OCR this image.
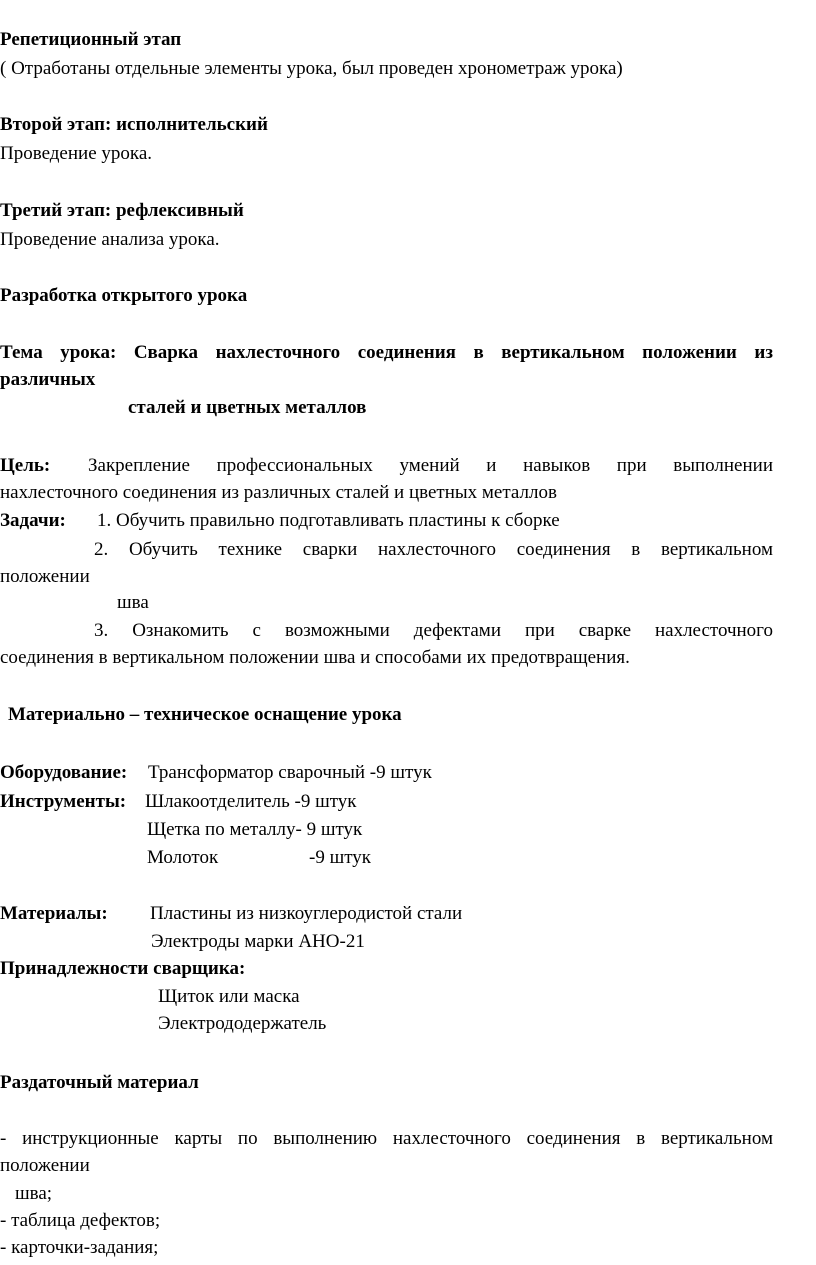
Репетиционный этап
( Отработаны отдельные элементы урока, был проведен хронометраж урока)
Второй этап: исполнительский
Проведение урока.
Третий этап: рефлексивный
Проведение анализа урока.
Разработка открытого урока
Тема урока: Сварка нахлесточного соединения в вертикальном положении из
различных
сталей и цветных металлов
Цель: Закрепление профессиональных умений и навыков при выполнении
нахлесточного соединения из различных сталей и цветных металлов
Задачи: 1. Обучить правильно подготавливать пластины к сборке
2. Обучить технике сварки нахлесточного соединения в вертикальном
положении
шва
3. Ознакомить с возможными дефектами при сварке нахлесточного
соединения в вертикальном положении шва и способами их предотвращения.
Материально – техническое оснащение урока
Оборудование: Трансформатор сварочный -9 штук
Инструменты: Шлакоотделитель -9 штук
Щетка по металлу- 9 штук
Молоток	-9 штук
Материалы: Пластины из низкоуглеродистой стали
Электроды марки АНО-21
Принадлежности сварщика:
Щиток или маска
Электрододержатель
Раздаточный материал
- инструкционные карты по выполнению нахлесточного соединения в вертикальном
положении
шва;
- таблица дефектов;
- карточки-задания;
